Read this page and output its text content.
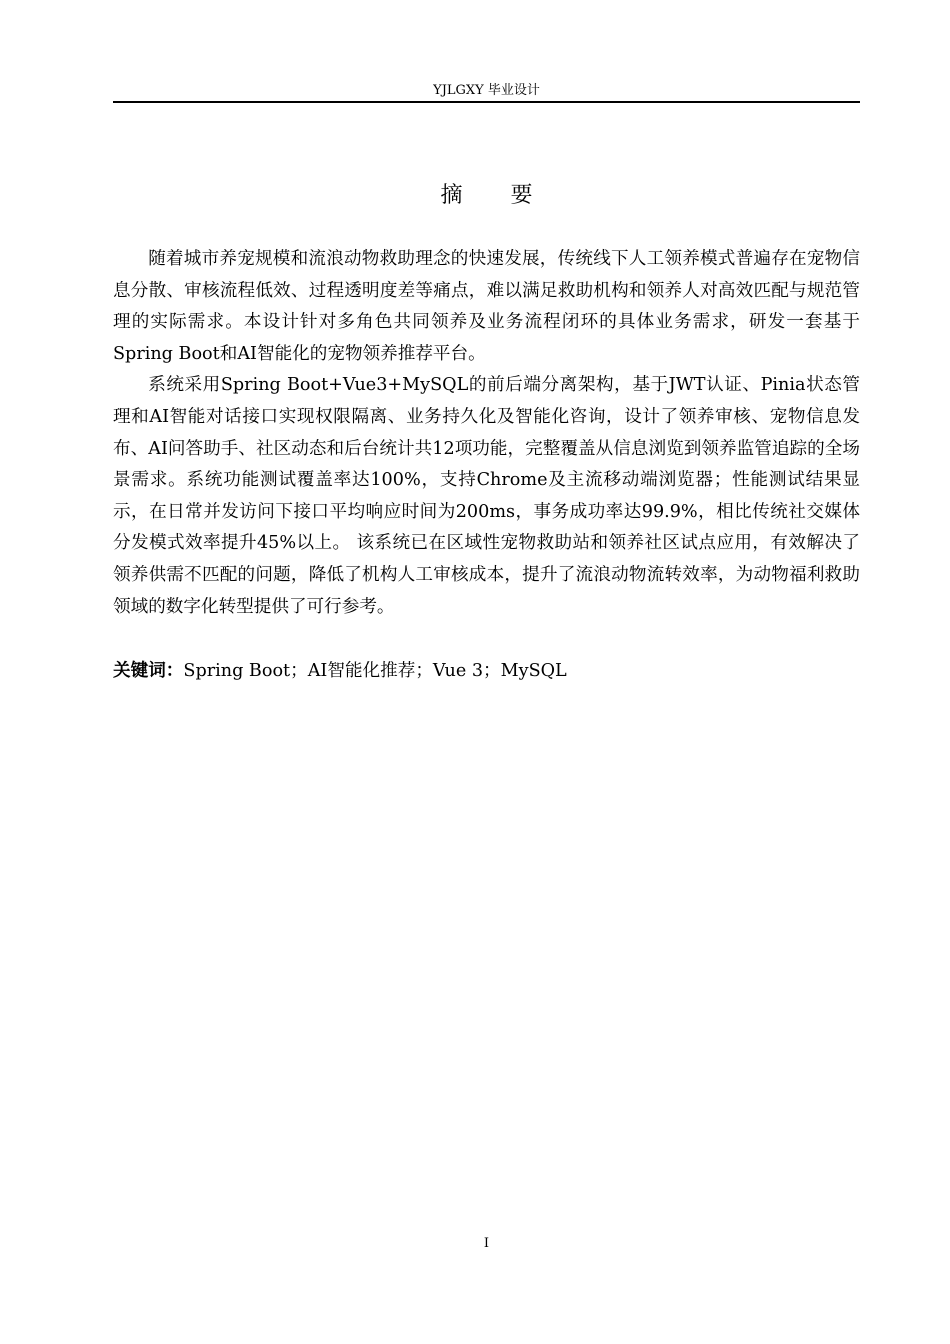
YJLGXY 毕业设计
摘 要

随着城市养宠规模和流浪动物救助理念的快速发展，传统线下人工领养模式普遍存在宠物信息分散、审核流程低效、过程透明度差等痛点，难以满足救助机构和领养人对高效匹配与规范管理的实际需求。本设计针对多角色共同领养及业务流程闭环的具体业务需求，研发一套基于Spring Boot和AI智能化的宠物领养推荐平台。

系统采用Spring Boot+Vue3+MySQL的前后端分离架构，基于JWT认证、Pinia状态管理和AI智能对话接口实现权限隔离、业务持久化及智能化咨询，设计了领养审核、宠物信息发布、AI问答助手、社区动态和后台统计共12项功能，完整覆盖从信息浏览到领养监管追踪的全场景需求。系统功能测试覆盖率达100%，支持Chrome及主流移动端浏览器；性能测试结果显示，在日常并发访问下接口平均响应时间为200ms，事务成功率达99.9%，相比传统社交媒体分发模式效率提升45%以上。 该系统已在区域性宠物救助站和领养社区试点应用，有效解决了领养供需不匹配的问题，降低了机构人工审核成本，提升了流浪动物流转效率，为动物福利救助领域的数字化转型提供了可行参考。

关键词：Spring Boot；AI智能化推荐；Vue 3；MySQL
I
